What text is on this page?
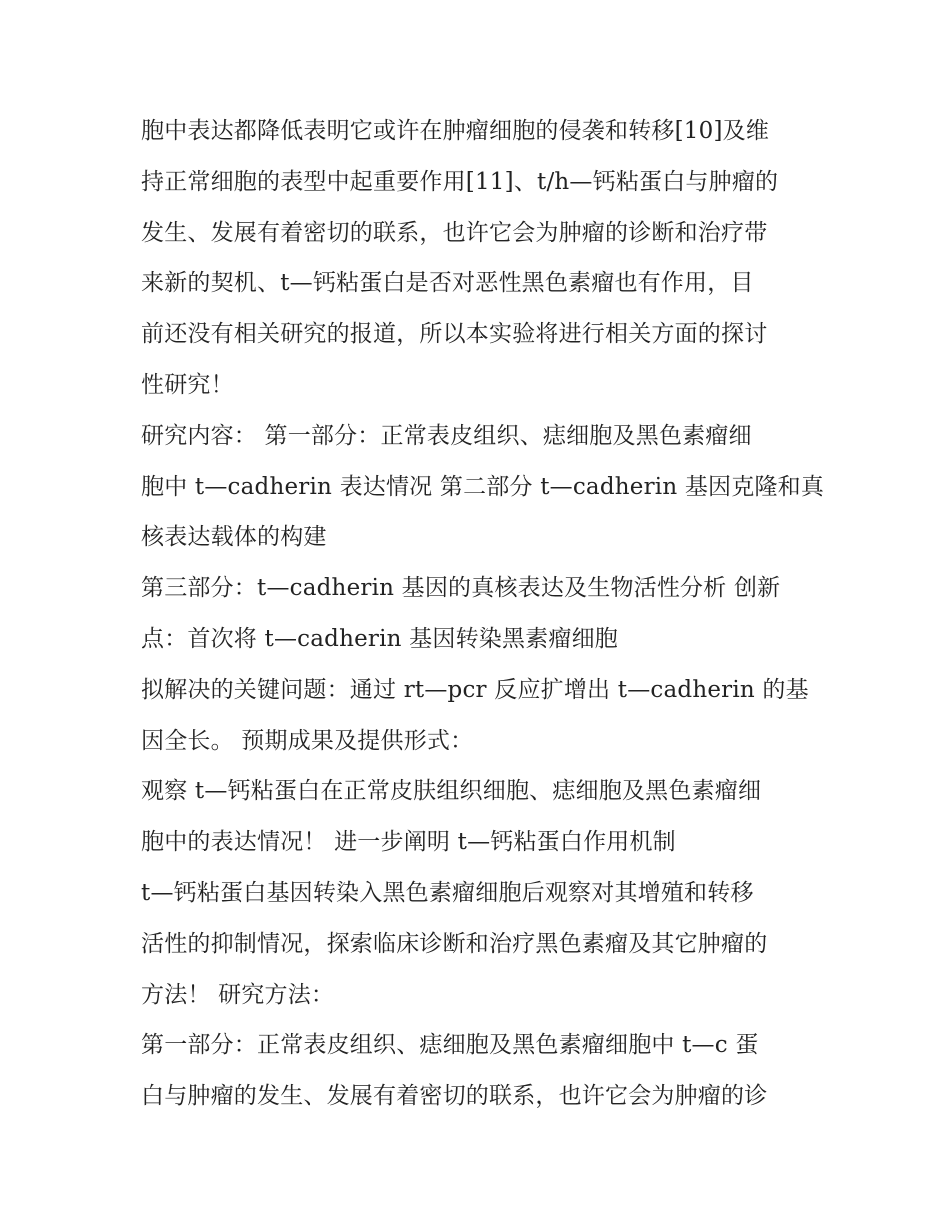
胞中表达都降低表明它或许在肿瘤细胞的侵袭和转移[10]及维
持正常细胞的表型中起重要作用[11]、t/h—钙粘蛋白与肿瘤的
发生、发展有着密切的联系，也许它会为肿瘤的诊断和治疗带
来新的契机、t—钙粘蛋白是否对恶性黑色素瘤也有作用，目
前还没有相关研究的报道，所以本实验将进行相关方面的探讨
性研究！
研究内容： 第一部分：正常表皮组织、痣细胞及黑色素瘤细
胞中 t—cadherin 表达情况 第二部分 t—cadherin 基因克隆和真
核表达载体的构建
第三部分：t—cadherin 基因的真核表达及生物活性分析 创新
点：首次将 t—cadherin 基因转染黑素瘤细胞
拟解决的关键问题：通过 rt—pcr 反应扩增出 t—cadherin 的基
因全长。 预期成果及提供形式：
观察 t—钙粘蛋白在正常皮肤组织细胞、痣细胞及黑色素瘤细
胞中的表达情况！ 进一步阐明 t—钙粘蛋白作用机制
t—钙粘蛋白基因转染入黑色素瘤细胞后观察对其增殖和转移
活性的抑制情况，探索临床诊断和治疗黑色素瘤及其它肿瘤的
方法！ 研究方法：
第一部分：正常表皮组织、痣细胞及黑色素瘤细胞中 t—c 蛋
白与肿瘤的发生、发展有着密切的联系，也许它会为肿瘤的诊
